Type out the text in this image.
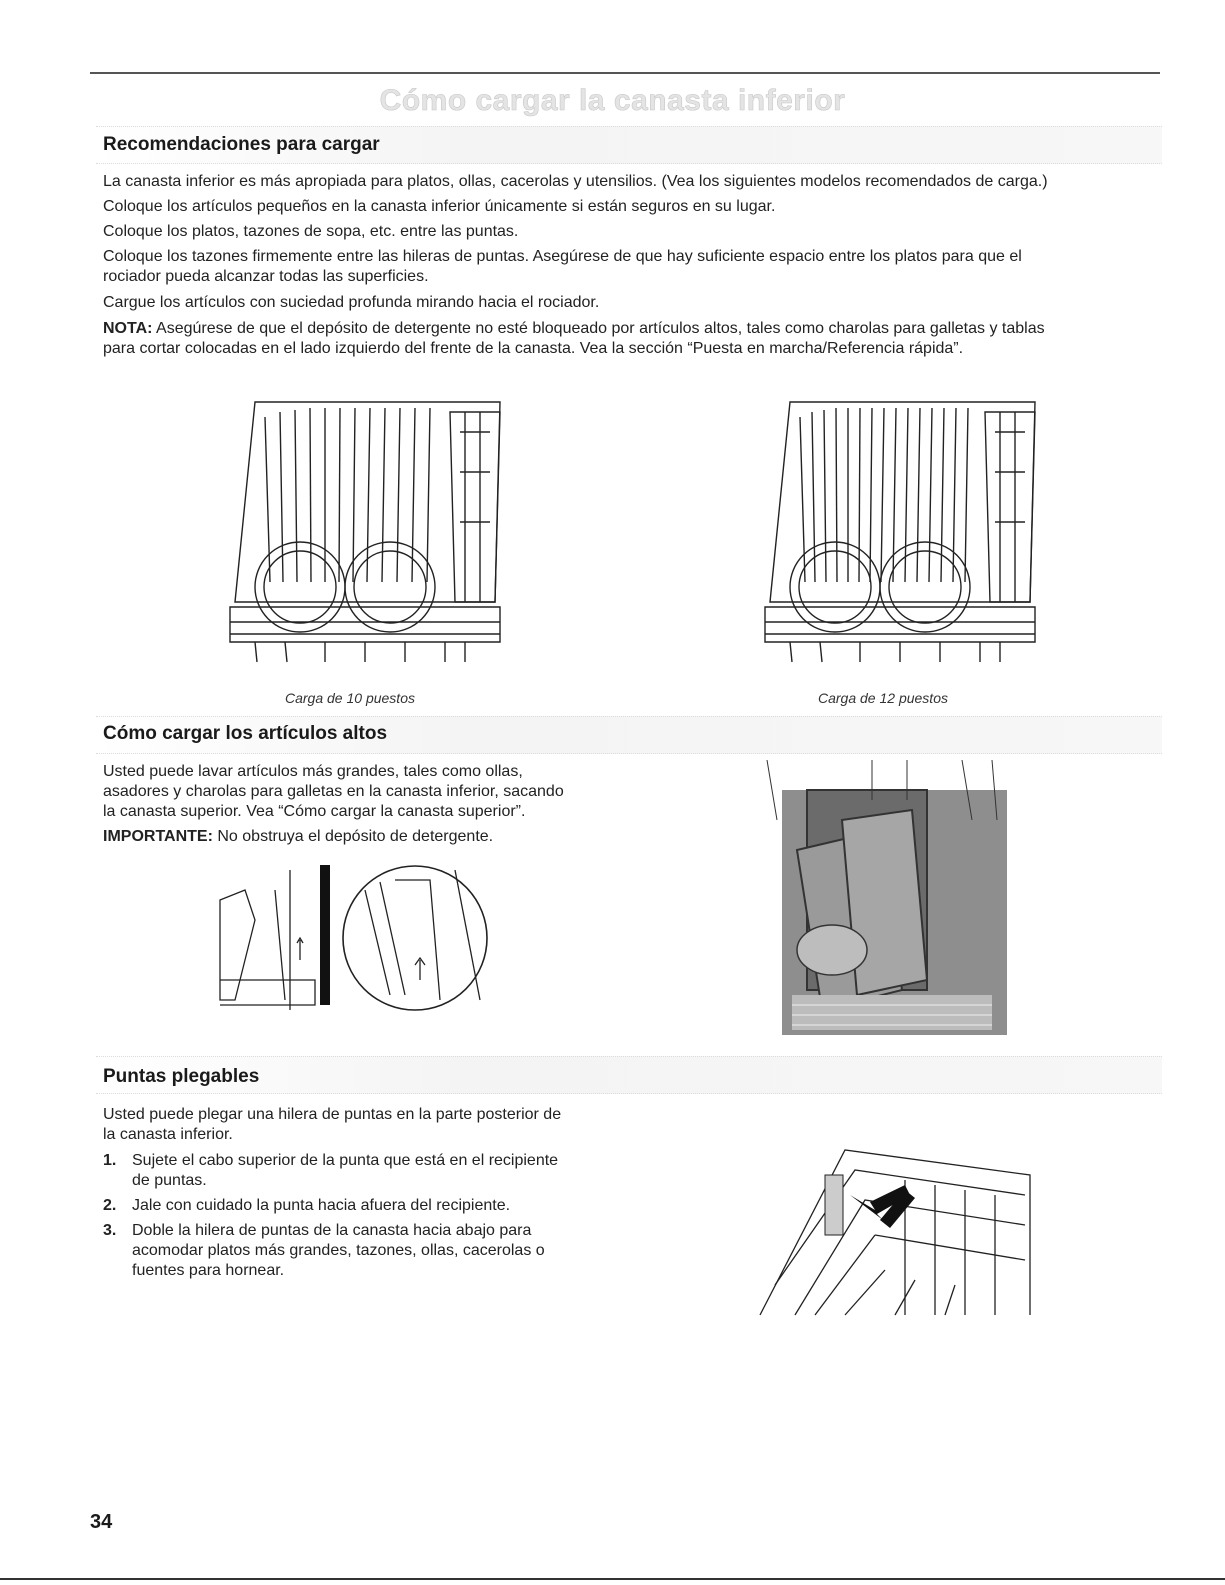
Cómo cargar la canasta inferior
Recomendaciones para cargar

La canasta inferior es más apropiada para platos, ollas, cacerolas y utensilios. (Vea los siguientes modelos recomendados de carga.)

Coloque los artículos pequeños en la canasta inferior únicamente si están seguros en su lugar.

Coloque los platos, tazones de sopa, etc. entre las puntas.

Coloque los tazones firmemente entre las hileras de puntas. Asegúrese de que hay suficiente espacio entre los platos para que el

rociador pueda alcanzar todas las superficies.

Cargue los artículos con suciedad profunda mirando hacia el rociador.

NOTA: Asegúrese de que el depósito de detergente no esté bloqueado por artículos altos, tales como charolas para galletas y tablas

para cortar colocadas en el lado izquierdo del frente de la canasta. Vea la sección “Puesta en marcha/Referencia rápida”.

Carga de 10 puestos	Carga de 12 puestos
Cómo cargar los artículos altos

Usted puede lavar artículos más grandes, tales como ollas,

asadores y charolas para galletas en la canasta inferior, sacando

la canasta superior. Vea “Cómo cargar la canasta superior”.

IMPORTANTE: No obstruya el depósito de detergente.

Puntas plegables

Usted puede plegar una hilera de puntas en la parte posterior de

la canasta inferior.

1. Sujete el cabo superior de la punta que está en el recipiente
de puntas.
2. Jale con cuidado la punta hacia afuera del recipiente.
3. Doble la hilera de puntas de la canasta hacia abajo para
acomodar platos más grandes, tazones, ollas, cacerolas o
fuentes para hornear.
34
